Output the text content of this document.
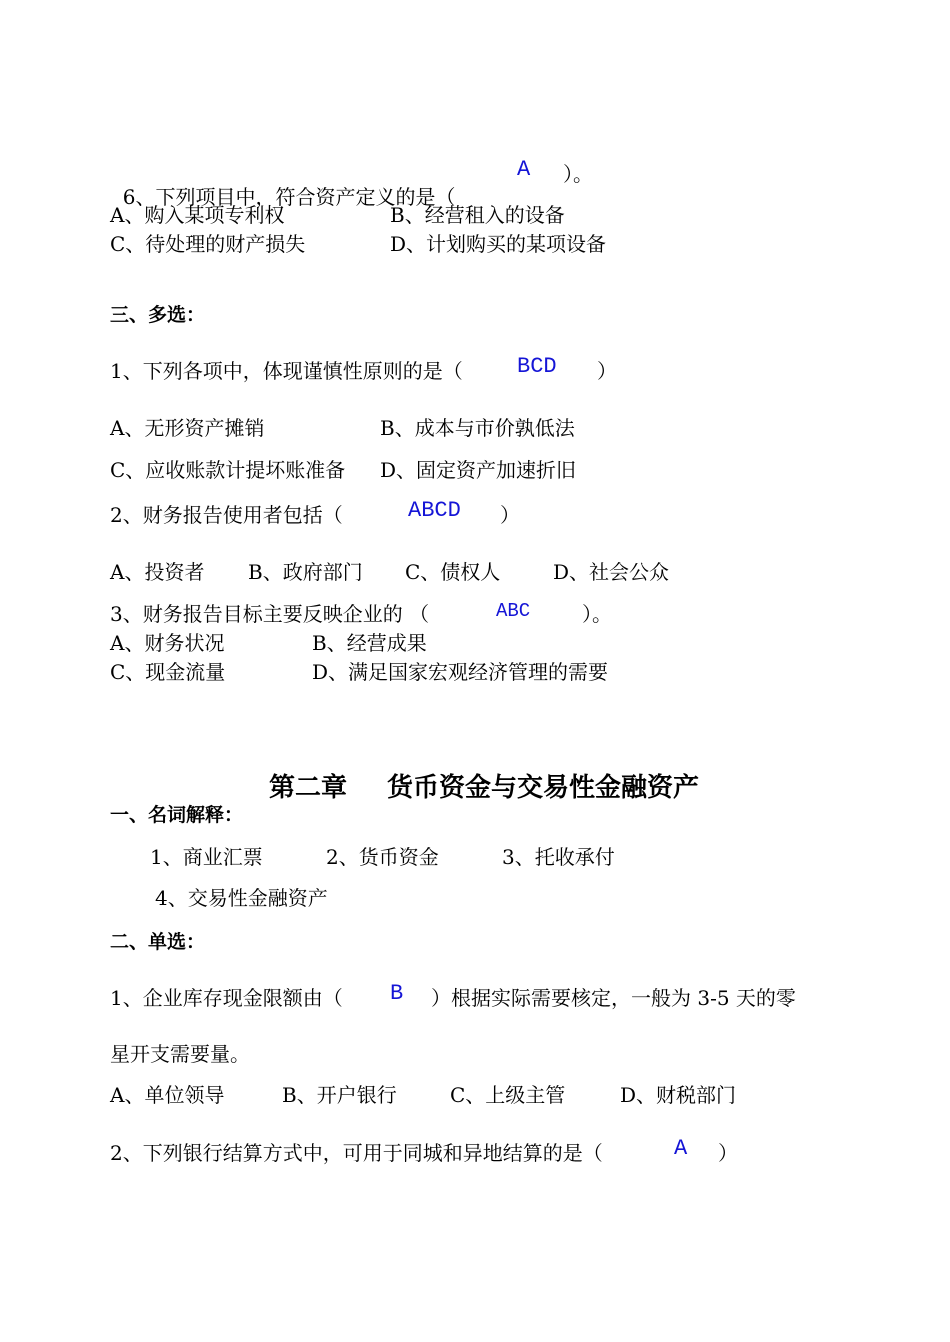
6、下列项目中，符合资产定义的是（

A ）。
A、购入某项专利权	B、经营租入的设备
C、待处理的财产损失	D、计划购买的某项设备
三、多选：
1、下列各项中，体现谨慎性原则的是（ BCD ）
A、无形资产摊销	B、成本与市价孰低法
C、应收账款计提坏账准备 D、固定资产加速折旧
2、财务报告使用者包括（	ABCD ）
A、投资者 B、政府部门 C、债权人	D、社会公众
3、财务报告目标主要反映企业的 （	ABC	）。
A、财务状况	B、经营成果
C、现金流量	D、满足国家宏观经济管理的需要

第二章 货币资金与交易性金融资产

一、名词解释：
1、商业汇票	2、货币资金	3、托收承付
4、交易性金融资产
二、单选：
1、企业库存现金限额由（ B ）根据实际需要核定，一般为 3-5 天的零
星开支需要量。
A、单位领导	B、开户银行	C、上级主管	D、财税部门
2、下列银行结算方式中，可用于同城和异地结算的是（	A ）
